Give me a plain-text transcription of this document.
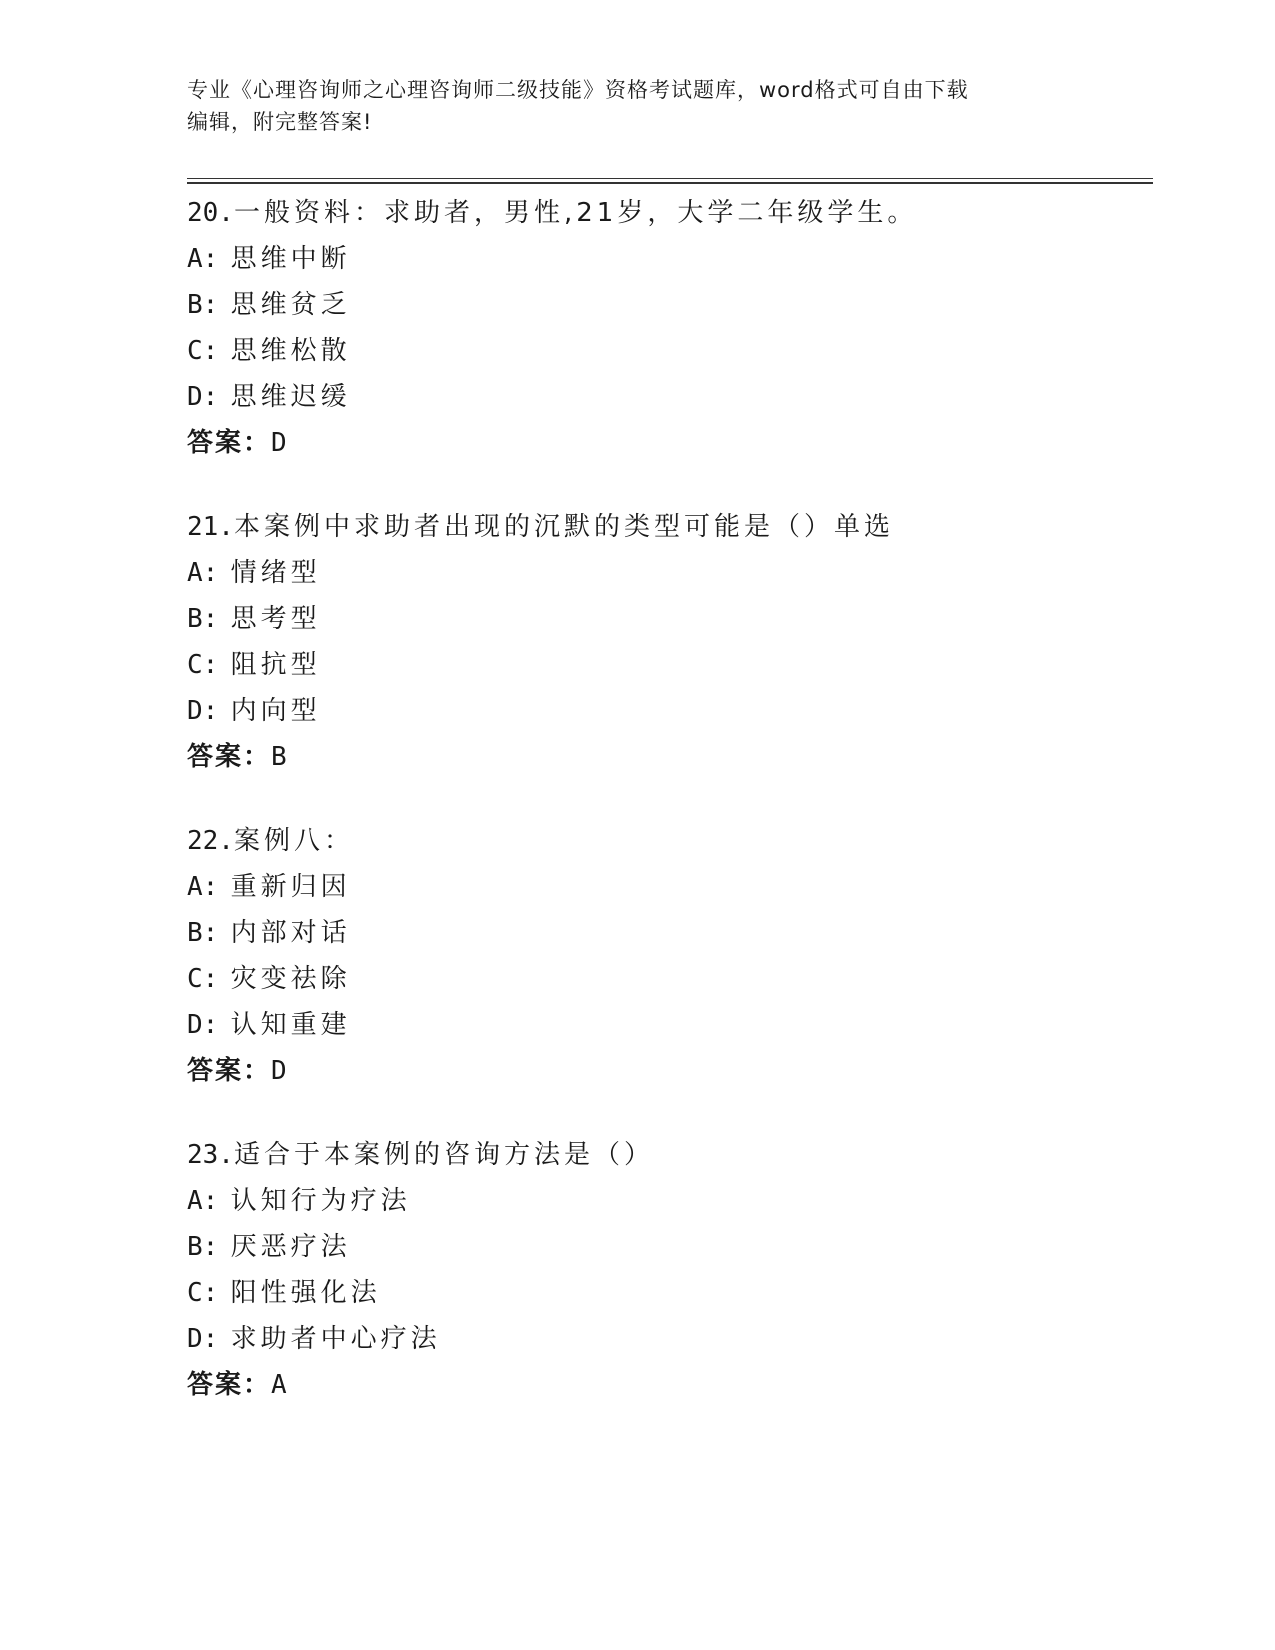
专业《心理咨询师之心理咨询师二级技能》资格考试题库，word格式可自由下载
编辑，附完整答案!
20.一般资料：求助者，男性,21岁，大学二年级学生。
A: 思维中断
B: 思维贫乏
C: 思维松散
D: 思维迟缓
答案：D
21.本案例中求助者出现的沉默的类型可能是（）单选
A: 情绪型
B: 思考型
C: 阻抗型
D: 内向型
答案：B
22.案例八：
A: 重新归因
B: 内部对话
C: 灾变祛除
D: 认知重建
答案：D
23.适合于本案例的咨询方法是（）
A: 认知行为疗法
B: 厌恶疗法
C: 阳性强化法
D: 求助者中心疗法
答案：A
